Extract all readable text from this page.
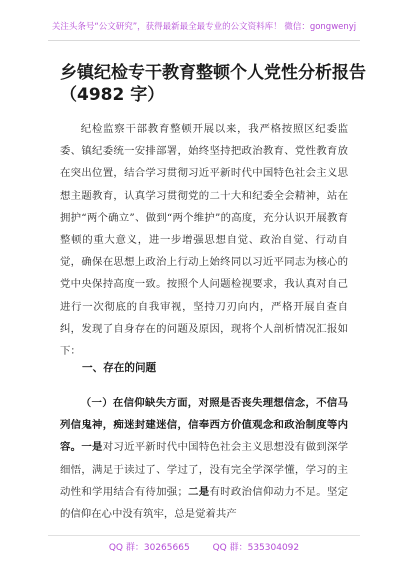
关注头条号“公文研究”，获得最新最全最专业的公文资料库！ 微信：gongwenyj
乡镇纪检专干教育整顿个人党性分析报告
（4982 字）

纪检监察干部教育整顿开展以来，我严格按照区纪委监委、镇纪委统一安排部署，始终坚持把政治教育、党性教育放在突出位置，结合学习贯彻习近平新时代中国特色社会主义思想主题教育，认真学习贯彻党的二十大和纪委全会精神，站在拥护“两个确立”、做到“两个维护”的高度，充分认识开展教育整顿的重大意义，进一步增强思想自觉、政治自觉、行动自觉，确保在思想上政治上行动上始终同以习近平同志为核心的党中央保持高度一致。按照个人问题检视要求，我认真对自己进行一次彻底的自我审视，坚持刀刃向内，严格开展自查自纠，发现了自身存在的问题及原因，现将个人剖析情况汇报如下：

一、存在的问题

（一）在信仰缺失方面，对照是否丧失理想信念，不信马列信鬼神，痴迷封建迷信，信奉西方价值观念和政治制度等内容。一是对习近平新时代中国特色社会主义思想没有做到深学细悟，满足于读过了、学过了，没有完全学深学懂，学习的主动性和学用结合有待加强；二是有时政治信仰动力不足。坚定的信仰在心中没有筑牢，总是觉着共产

QQ 群：30265665	QQ 群：535304092
